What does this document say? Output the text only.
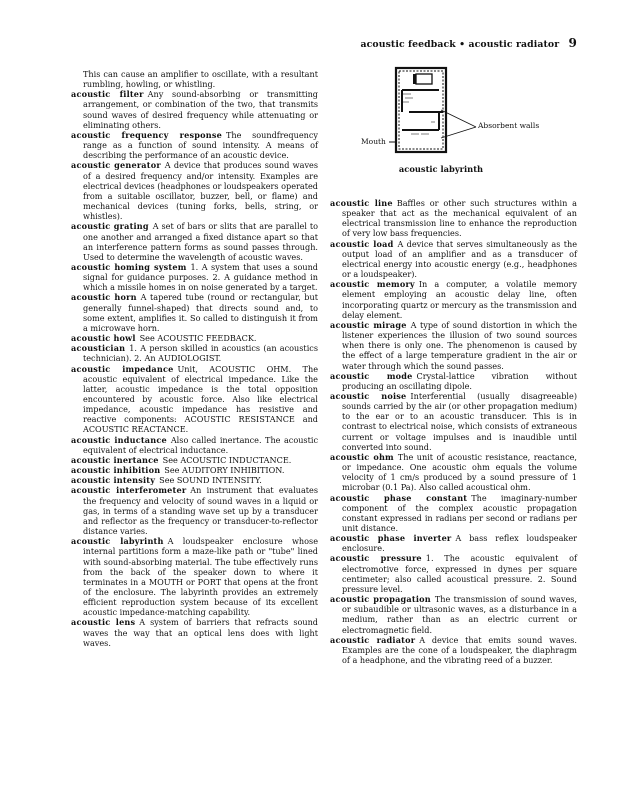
acoustic feedback • acoustic radiator 9
Absorbent walls
Mouth
acoustic labyrinth

This can cause an amplifier to oscillate, with a resultant rumbling, howling, or whistling.

acoustic filter Any sound-absorbing or transmitting arrangement, or combination of the two, that transmits sound waves of desired frequency while attenuating or eliminating others.

acoustic frequency response The soundfrequency range as a function of sound intensity. A means of describing the performance of an acoustic device.

acoustic generator A device that produces sound waves of a desired frequency and/or intensity. Examples are electrical devices (headphones or loudspeakers operated from a suitable oscillator, buzzer, bell, or flame) and mechanical devices (tuning forks, bells, string, or whistles).

acoustic grating A set of bars or slits that are parallel to one another and arranged a fixed distance apart so that an interference pattern forms as sound passes through. Used to determine the wavelength of acoustic waves.

acoustic homing system 1. A system that uses a sound signal for guidance purposes. 2. A guidance method in which a missile homes in on noise generated by a target.

acoustic horn A tapered tube (round or rectangular, but generally funnel-shaped) that directs sound and, to some extent, amplifies it. So called to distinguish it from a microwave horn.

acoustic howl See ACOUSTIC FEEDBACK.

acoustician 1. A person skilled in acoustics (an acoustics technician). 2. An AUDIOLOGIST.

acoustic impedance Unit, ACOUSTIC OHM. The acoustic equivalent of electrical impedance. Like the latter, acoustic impedance is the total opposition encountered by acoustic force. Also like electrical impedance, acoustic impedance has resistive and reactive components: ACOUSTIC RESISTANCE and ACOUSTIC REACTANCE.

acoustic inductance Also called inertance. The acoustic equivalent of electrical inductance.

acoustic inertance See ACOUSTIC INDUCTANCE.

acoustic inhibition See AUDITORY INHIBITION.

acoustic intensity See SOUND INTENSITY.

acoustic interferometer An instrument that evaluates the frequency and velocity of sound waves in a liquid or gas, in terms of a standing wave set up by a transducer and reflector as the frequency or transducer-to-reflector distance varies.

acoustic labyrinth A loudspeaker enclosure whose internal partitions form a maze-like path or "tube" lined with sound-absorbing material. The tube effectively runs from the back of the speaker down to where it terminates in a MOUTH or PORT that opens at the front of the enclosure. The labyrinth provides an extremely efficient reproduction system because of its excellent acoustic impedance-matching capability.

acoustic lens A system of barriers that refracts sound waves the way that an optical lens does with light waves.

acoustic line Baffles or other such structures within a speaker that act as the mechanical equivalent of an electrical transmission line to enhance the reproduction of very low bass frequencies.

acoustic load A device that serves simultaneously as the output load of an amplifier and as a transducer of electrical energy into acoustic energy (e.g., headphones or a loudspeaker).

acoustic memory In a computer, a volatile memory element employing an acoustic delay line, often incorporating quartz or mercury as the transmission and delay element.

acoustic mirage A type of sound distortion in which the listener experiences the illusion of two sound sources when there is only one. The phenomenon is caused by the effect of a large temperature gradient in the air or water through which the sound passes.

acoustic mode Crystal-lattice vibration without producing an oscillating dipole.

acoustic noise Interferential (usually disagreeable) sounds carried by the air (or other propagation medium) to the ear or to an acoustic transducer. This is in contrast to electrical noise, which consists of extraneous current or voltage impulses and is inaudible until converted into sound.

acoustic ohm The unit of acoustic resistance, reactance, or impedance. One acoustic ohm equals the volume velocity of 1 cm/s produced by a sound pressure of 1 microbar (0.1 Pa). Also called acoustical ohm.

acoustic phase constant The imaginary-number component of the complex acoustic propagation constant expressed in radians per second or radians per unit distance.

acoustic phase inverter A bass reflex loudspeaker enclosure.

acoustic pressure 1. The acoustic equivalent of electromotive force, expressed in dynes per square centimeter; also called acoustical pressure. 2. Sound pressure level.

acoustic propagation The transmission of sound waves, or subaudible or ultrasonic waves, as a disturbance in a medium, rather than as an electric current or electromagnetic field.

acoustic radiator A device that emits sound waves. Examples are the cone of a loudspeaker, the diaphragm of a headphone, and the vibrating reed of a buzzer.
